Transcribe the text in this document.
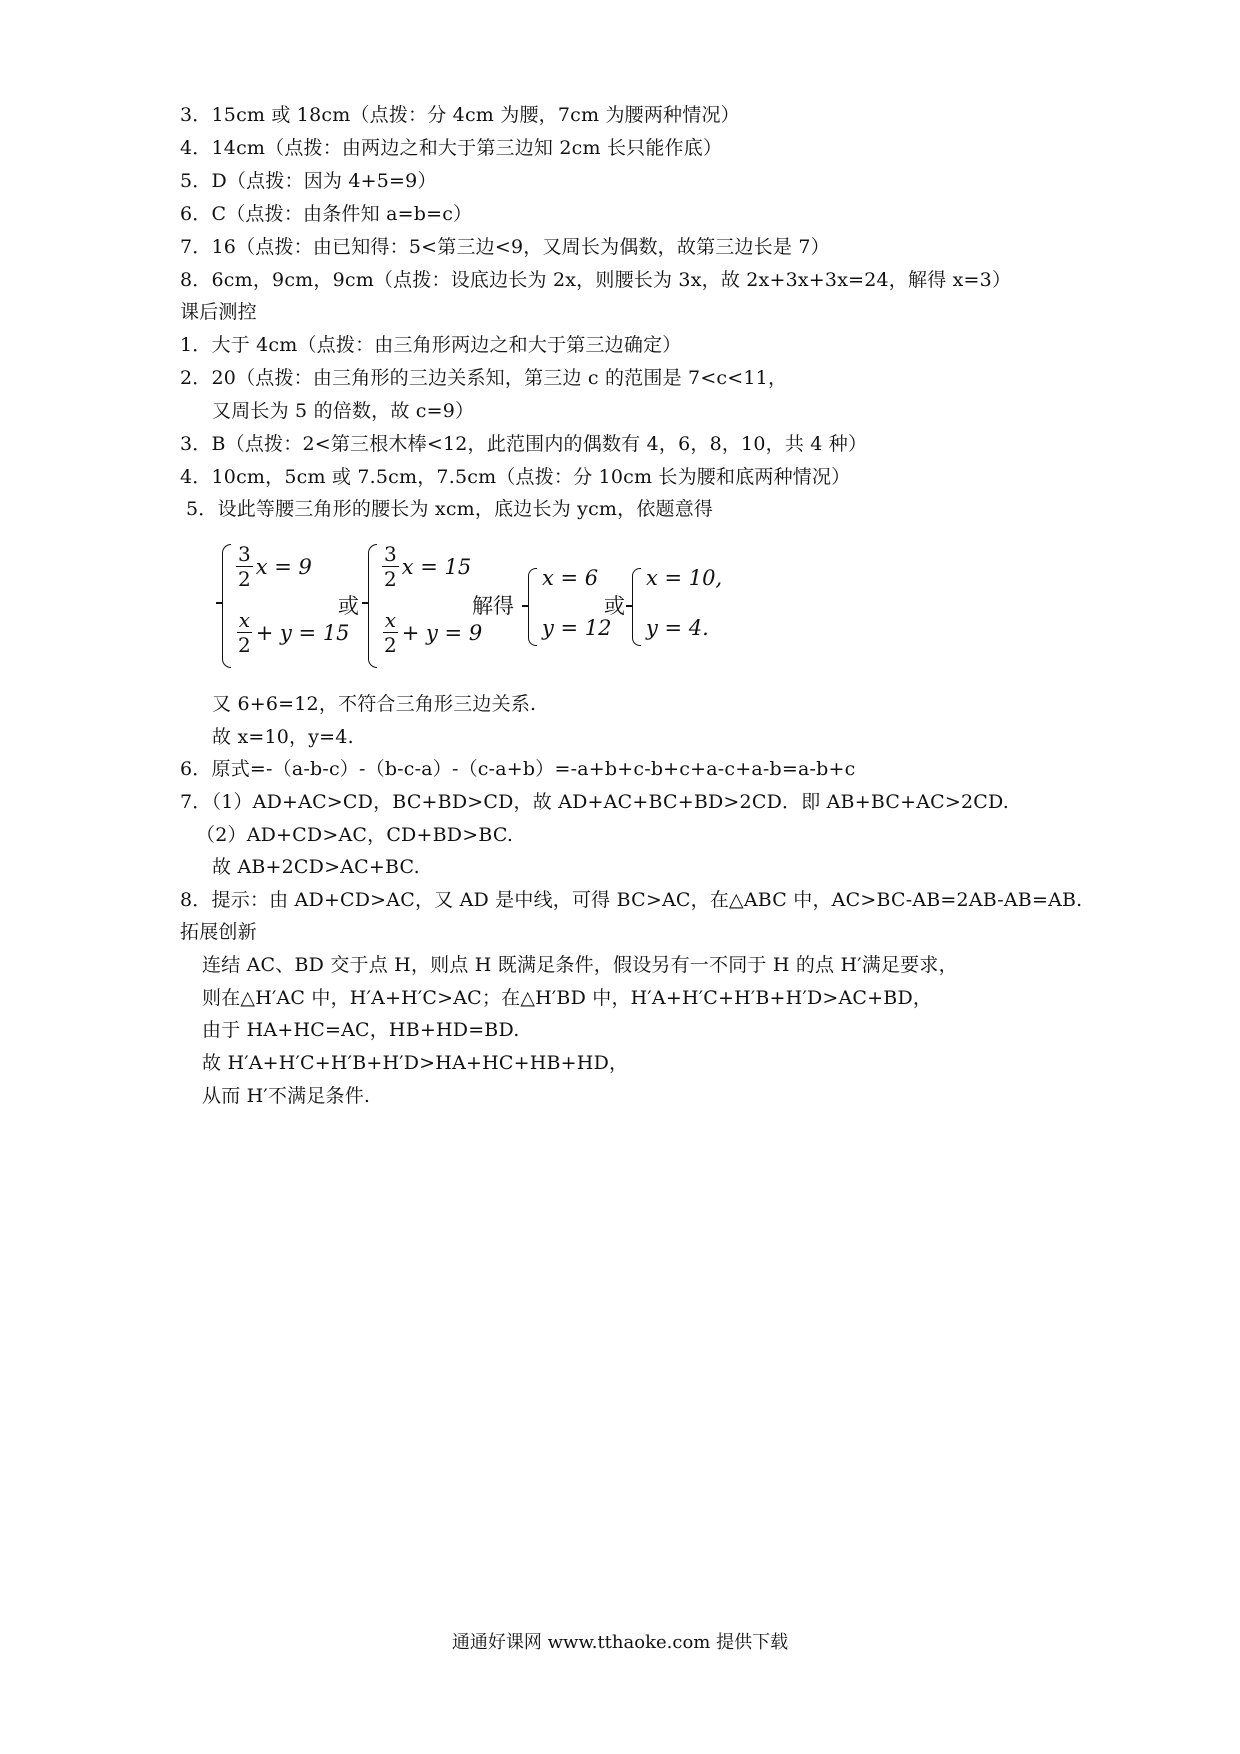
3．15cm 或 18cm（点拨：分 4cm 为腰，7cm 为腰两种情况）
4．14cm（点拨：由两边之和大于第三边知 2cm 长只能作底）
5．D（点拨：因为 4+5=9）
6．C（点拨：由条件知 a=b=c）
7．16（点拨：由已知得：5<第三边<9，又周长为偶数，故第三边长是 7）
8．6cm，9cm，9cm（点拨：设底边长为 2x，则腰长为 3x，故 2x+3x+3x=24，解得 x=3）
课后测控
1．大于 4cm（点拨：由三角形两边之和大于第三边确定）
2．20（点拨：由三角形的三边关系知，第三边 c 的范围是 7<c<11，
又周长为 5 的倍数，故 c=9）
3．B（点拨：2<第三根木棒<12，此范围内的偶数有 4，6，8，10，共 4 种）
4．10cm，5cm 或 7.5cm，7.5cm（点拨：分 10cm 长为腰和底两种情况）
5．设此等腰三角形的腰长为 xcm，底边长为 ycm，依题意得
$\frac{3}{2}$ x = 9
$\frac{x}{2} + y = 15$
或
$\frac{3}{2}$ x = 15
$\frac{x}{2} + y = 9$
解得
x = 6
y = 12
或
x = 10,
y = 4.
又 6+6=12，不符合三角形三边关系.
故 x=10，y=4.
6．原式=-（a-b-c）-（b-c-a）-（c-a+b）=-a+b+c-b+c+a-c+a-b=a-b+c
7．（1）AD+AC>CD，BC+BD>CD，故 AD+AC+BC+BD>2CD．即 AB+BC+AC>2CD.
（2）AD+CD>AC，CD+BD>BC.
故 AB+2CD>AC+BC.
8．提示：由 AD+CD>AC，又 AD 是中线，可得 BC>AC，在△ABC 中，AC>BC-AB=2AB-AB=AB.
拓展创新
连结 AC、BD 交于点 H，则点 H 既满足条件，假设另有一不同于 H 的点 H′满足要求，
则在△H′AC 中，H′A+H′C>AC；在△H′BD 中，H′A+H′C+H′B+H′D>AC+BD，
由于 HA+HC=AC，HB+HD=BD.
故 H′A+H′C+H′B+H′D>HA+HC+HB+HD，
从而 H′不满足条件.
通通好课网 www.tthaoke.com 提供下载
